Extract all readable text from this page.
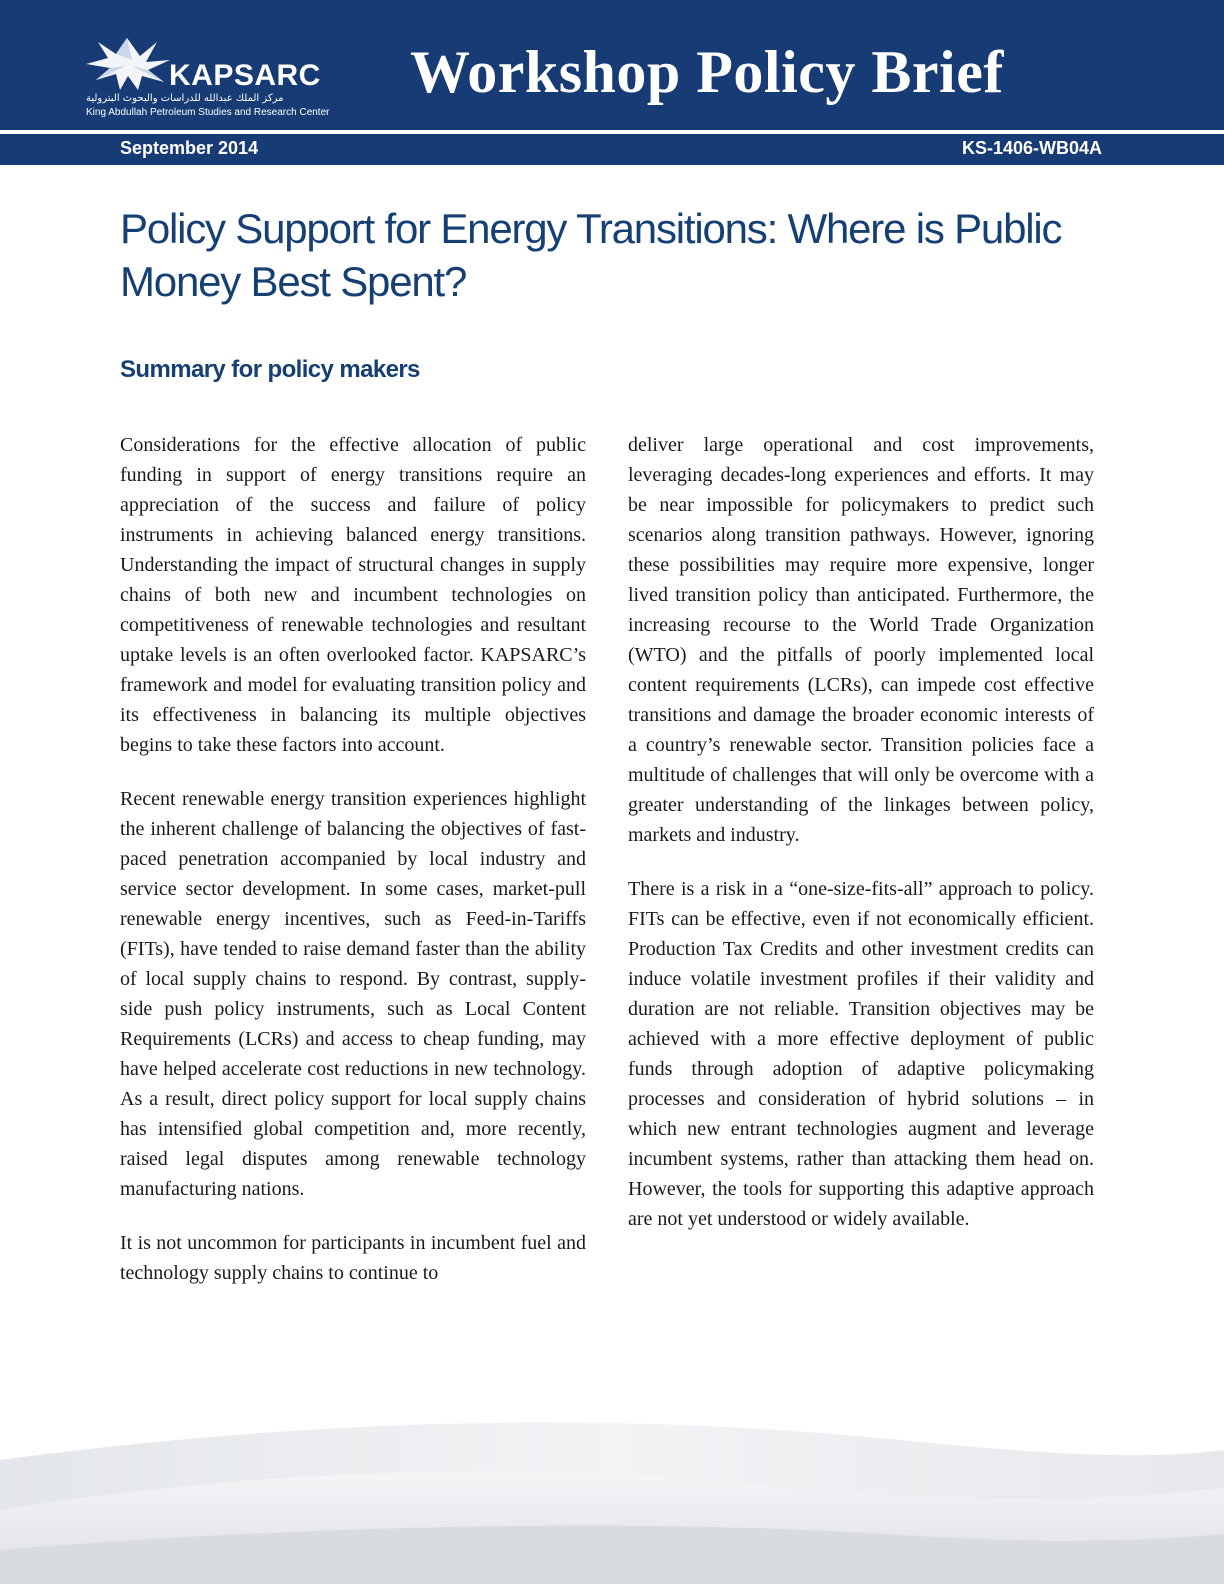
KAPSARC
مركز الملك عبدالله للدراسات والبحوث البترولية
King Abdullah Petroleum Studies and Research Center
Workshop Policy Brief
September 2014	KS-1406-WB04A
Policy Support for Energy Transitions: Where is Public Money Best Spent?
Summary for policy makers

Considerations for the effective allocation of public funding in support of energy transitions require an appreciation of the success and failure of policy instruments in achieving balanced energy transitions. Understanding the impact of structural changes in supply chains of both new and incumbent technologies on competitiveness of renewable technologies and resultant uptake levels is an often overlooked factor. KAPSARC’s framework and model for evaluating transition policy and its effectiveness in balancing its multiple objectives begins to take these factors into account.

Recent renewable energy transition experiences highlight the inherent challenge of balancing the objectives of fast-paced penetration accompanied by local industry and service sector development. In some cases, market-pull renewable energy incentives, such as Feed-in-Tariffs (FITs), have tended to raise demand faster than the ability of local supply chains to respond. By contrast, supply-side push policy instruments, such as Local Content Requirements (LCRs) and access to cheap funding, may have helped accelerate cost reductions in new technology. As a result, direct policy support for local supply chains has intensified global competition and, more recently, raised legal disputes among renewable technology manufacturing nations.

It is not uncommon for participants in incumbent fuel and technology supply chains to continue to

deliver large operational and cost improvements, leveraging decades-long experiences and efforts. It may be near impossible for policymakers to predict such scenarios along transition pathways. However, ignoring these possibilities may require more expensive, longer lived transition policy than anticipated. Furthermore, the increasing recourse to the World Trade Organization (WTO) and the pitfalls of poorly implemented local content requirements (LCRs), can impede cost effective transitions and damage the broader economic interests of a country’s renewable sector. Transition policies face a multitude of challenges that will only be overcome with a greater understanding of the linkages between policy, markets and industry.

There is a risk in a “one-size-fits-all” approach to policy. FITs can be effective, even if not economically efficient. Production Tax Credits and other investment credits can induce volatile investment profiles if their validity and duration are not reliable. Transition objectives may be achieved with a more effective deployment of public funds through adoption of adaptive policymaking processes and consideration of hybrid solutions – in which new entrant technologies augment and leverage incumbent systems, rather than attacking them head on. However, the tools for supporting this adaptive approach are not yet understood or widely available.
